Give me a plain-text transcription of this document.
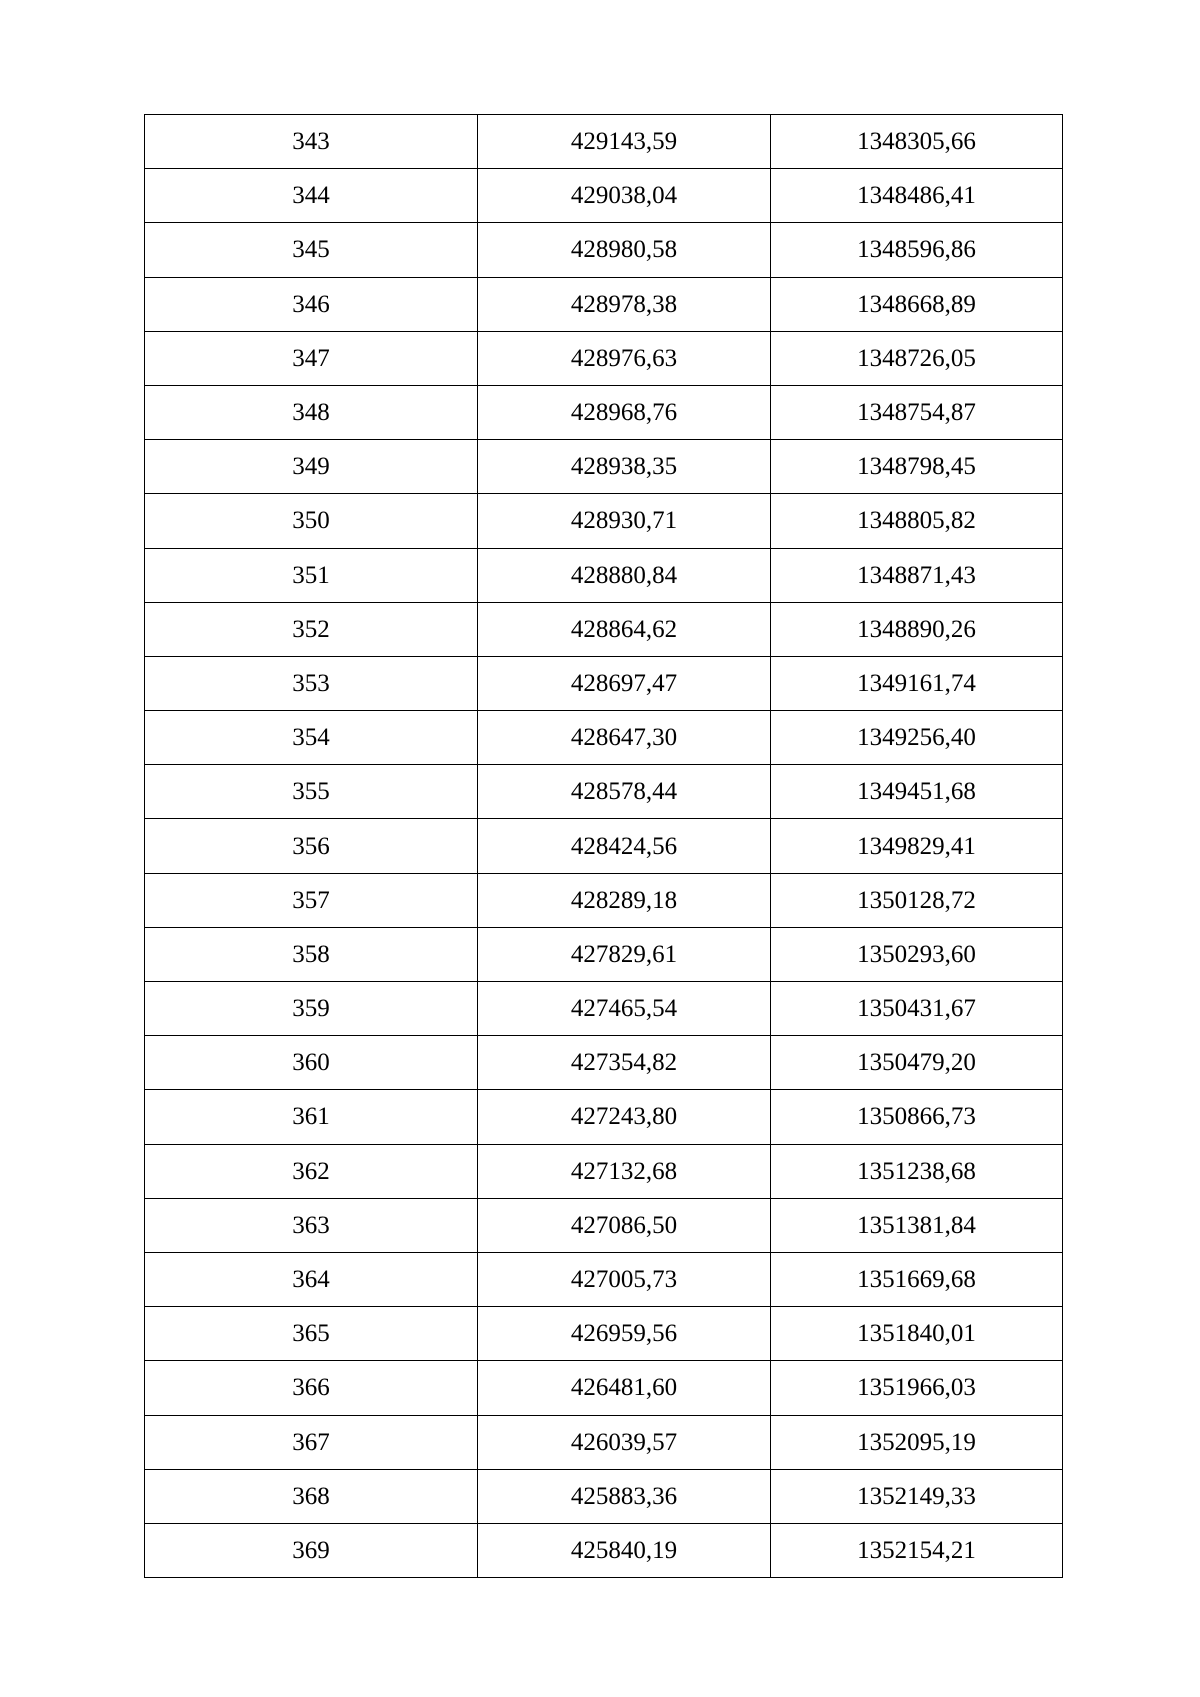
343	429143,59	1348305,66
344	429038,04	1348486,41
345	428980,58	1348596,86
346	428978,38	1348668,89
347	428976,63	1348726,05
348	428968,76	1348754,87
349	428938,35	1348798,45
350	428930,71	1348805,82
351	428880,84	1348871,43
352	428864,62	1348890,26
353	428697,47	1349161,74
354	428647,30	1349256,40
355	428578,44	1349451,68
356	428424,56	1349829,41
357	428289,18	1350128,72
358	427829,61	1350293,60
359	427465,54	1350431,67
360	427354,82	1350479,20
361	427243,80	1350866,73
362	427132,68	1351238,68
363	427086,50	1351381,84
364	427005,73	1351669,68
365	426959,56	1351840,01
366	426481,60	1351966,03
367	426039,57	1352095,19
368	425883,36	1352149,33
369	425840,19	1352154,21
